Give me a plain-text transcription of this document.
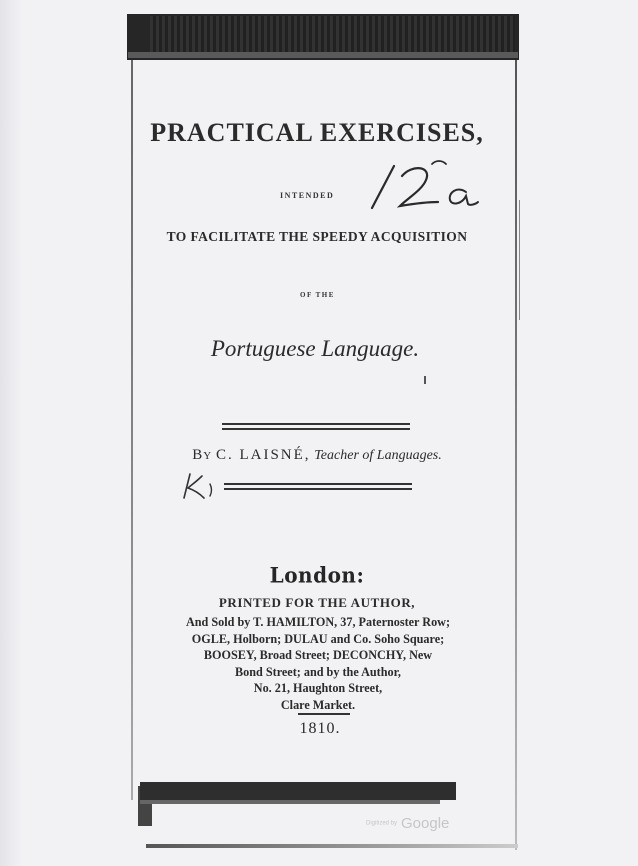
PRACTICAL EXERCISES,
INTENDED
TO FACILITATE THE SPEEDY ACQUISITION
OF THE
Portuguese Language.
By C. LAISNÉ, Teacher of Languages.
London:
PRINTED FOR THE AUTHOR,
And Sold by T. HAMILTON, 37, Paternoster Row;
OGLE, Holborn; DULAU and Co. Soho Square;
BOOSEY, Broad Street; DECONCHY, New
Bond Street; and by the Author,
No. 21, Haughton Street,
Clare Market.
1810.
Digitized by Google
